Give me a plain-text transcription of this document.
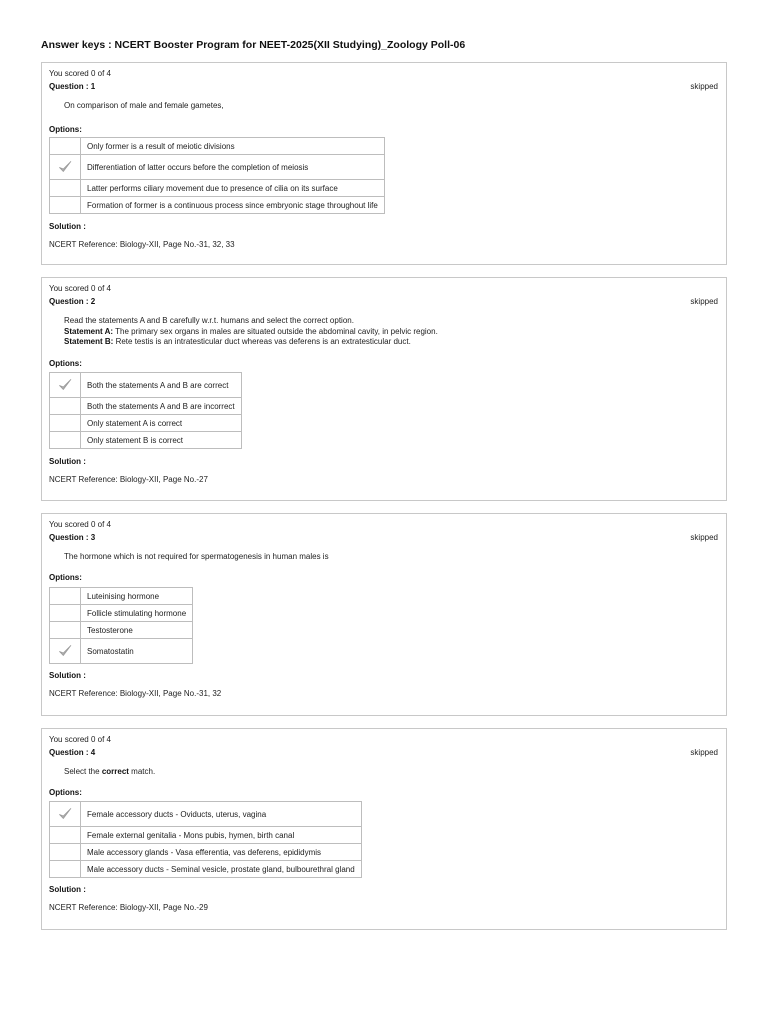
Answer keys : NCERT Booster Program for NEET-2025(XII Studying)_Zoology Poll-06
You scored 0 of 4
Question : 1	skipped
On comparison of male and female gametes,
Options:
	Only former is a result of meiotic divisions
	Differentiation of latter occurs before the completion of meiosis
	Latter performs ciliary movement due to presence of cilia on its surface
	Formation of former is a continuous process since embryonic stage throughout life
Solution :
NCERT Reference: Biology-XII, Page No.-31, 32, 33
You scored 0 of 4
Question : 2	skipped
Read the statements A and B carefully w.r.t. humans and select the correct option.
Statement A: The primary sex organs in males are situated outside the abdominal cavity, in pelvic region.
Statement B: Rete testis is an intratesticular duct whereas vas deferens is an extratesticular duct.
Options:
	Both the statements A and B are correct
	Both the statements A and B are incorrect
	Only statement A is correct
	Only statement B is correct
Solution :
NCERT Reference: Biology-XII, Page No.-27
You scored 0 of 4
Question : 3	skipped
The hormone which is not required for spermatogenesis in human males is
Options:
	Luteinising hormone
	Follicle stimulating hormone
	Testosterone
	Somatostatin
Solution :
NCERT Reference: Biology-XII, Page No.-31, 32
You scored 0 of 4
Question : 4	skipped
Select the correct match.
Options:
	Female accessory ducts - Oviducts, uterus, vagina
	Female external genitalia - Mons pubis, hymen, birth canal
	Male accessory glands - Vasa efferentia, vas deferens, epididymis
	Male accessory ducts - Seminal vesicle, prostate gland, bulbourethral gland
Solution :
NCERT Reference: Biology-XII, Page No.-29
